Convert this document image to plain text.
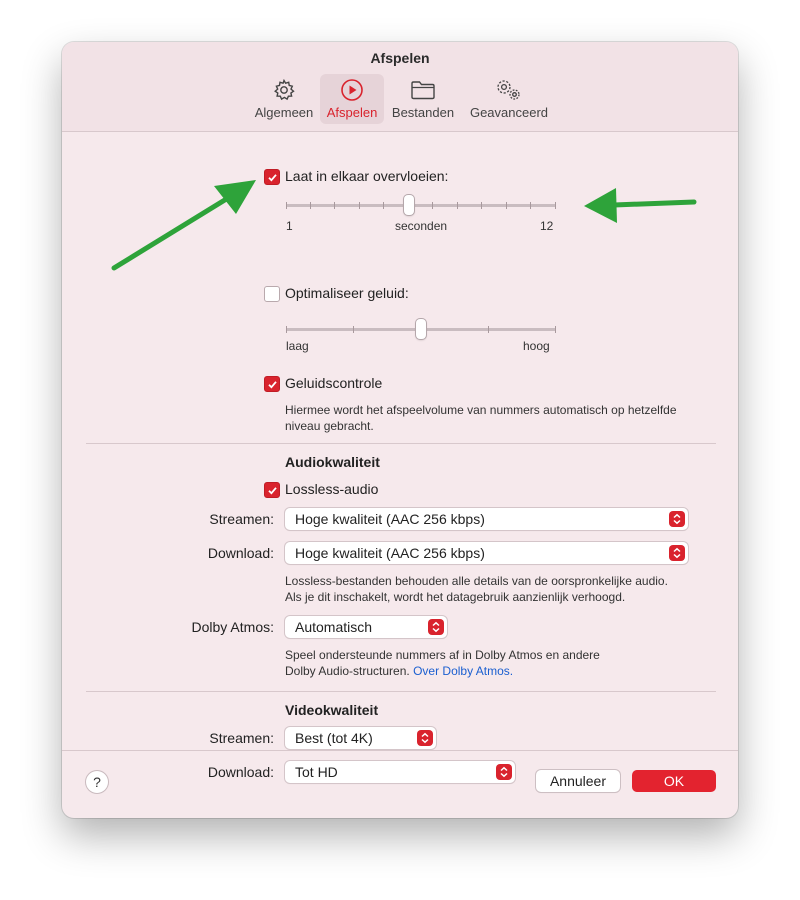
Afspelen
Algemeen Afspelen Bestanden Geavanceerd
Laat in elkaar overvloeien:
1	seconden	12
Optimaliseer geluid:
laag	hoog
Geluidscontrole
Hiermee wordt het afspeelvolume van nummers automatisch op hetzelfde
niveau gebracht.
Audiokwaliteit
Lossless-audio
Streamen: Hoge kwaliteit (AAC 256 kbps)
Download: Hoge kwaliteit (AAC 256 kbps)
Lossless-bestanden behouden alle details van de oorspronkelijke audio.
Als je dit inschakelt, wordt het datagebruik aanzienlijk verhoogd.
Dolby Atmos: Automatisch
Speel ondersteunde nummers af in Dolby Atmos en andere
Dolby Audio-structuren. Over Dolby Atmos.
Videokwaliteit
Streamen: Best (tot 4K)
Download: Tot HD
?	Annuleer	OK
